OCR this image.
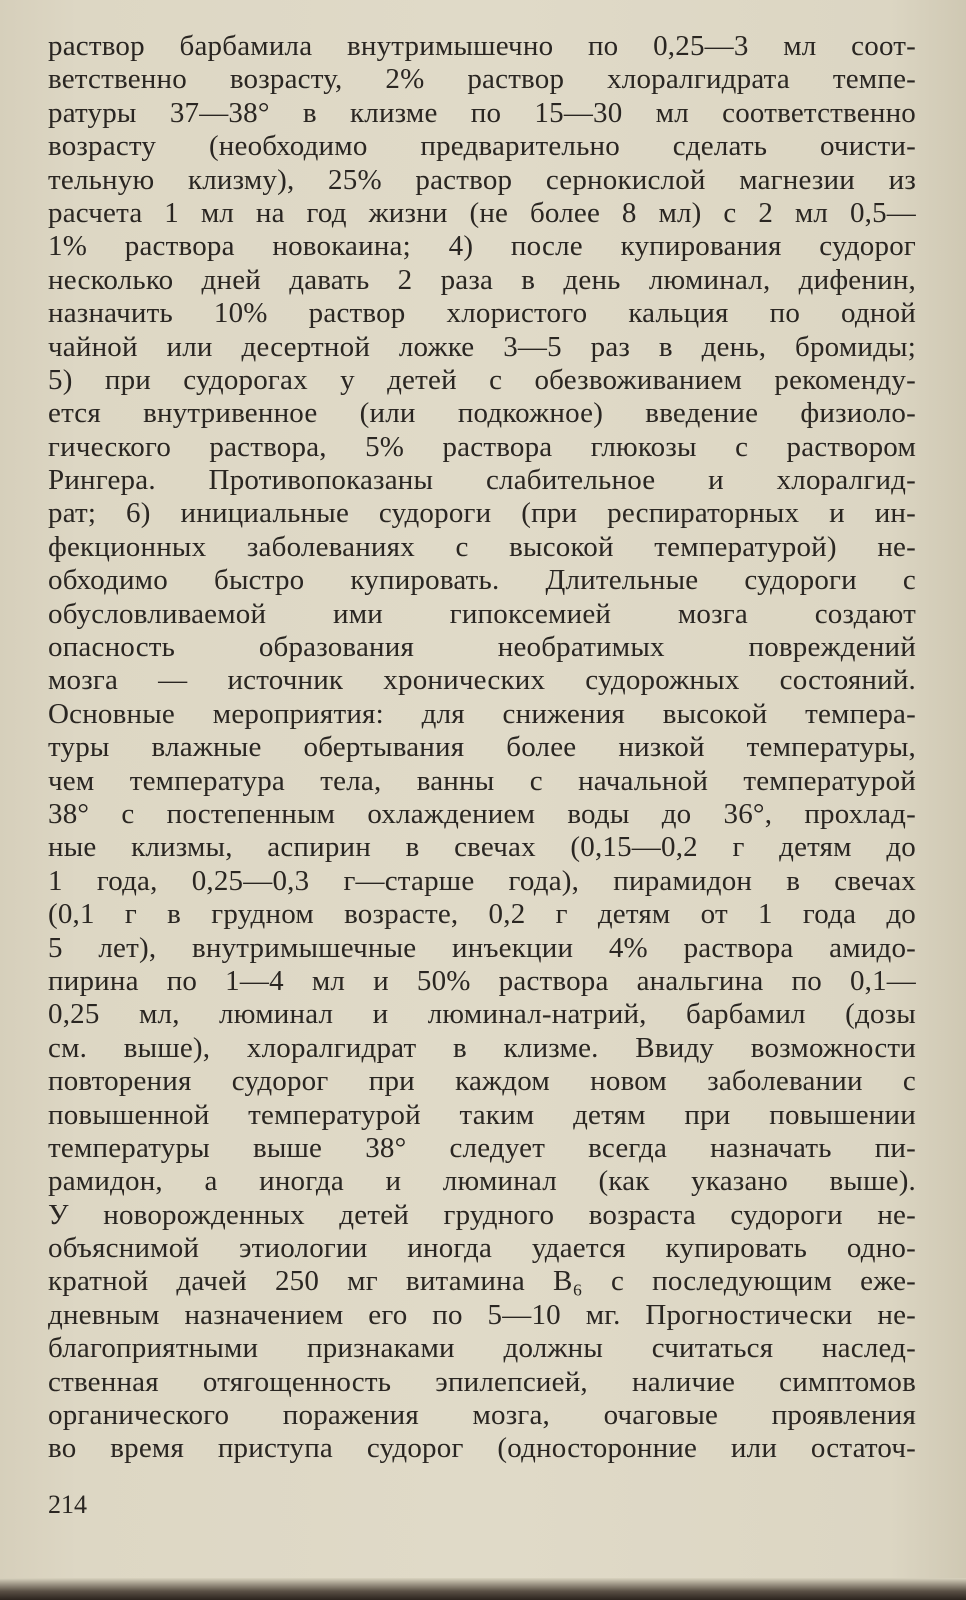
раствор барбамила внутримышечно по 0,25—3 мл соот-
ветственно возрасту, 2% раствор хлоралгидрата темпе-
ратуры 37—38° в клизме по 15—30 мл соответственно
возрасту (необходимо предварительно сделать очисти-
тельную клизму), 25% раствор сернокислой магнезии из
расчета 1 мл на год жизни (не более 8 мл) с 2 мл 0,5—
1% раствора новокаина; 4) после купирования судорог
несколько дней давать 2 раза в день люминал, дифенин,
назначить 10% раствор хлористого кальция по одной
чайной или десертной ложке 3—5 раз в день, бромиды;
5) при судорогах у детей с обезвоживанием рекоменду-
ется внутривенное (или подкожное) введение физиоло-
гического раствора, 5% раствора глюкозы с раствором
Рингера. Противопоказаны слабительное и хлоралгид-
рат; 6) инициальные судороги (при респираторных и ин-
фекционных заболеваниях с высокой температурой) не-
обходимо быстро купировать. Длительные судороги с
обусловливаемой ими гипоксемией мозга создают
опасность образования необратимых повреждений
мозга — источник хронических судорожных состояний.
Основные мероприятия: для снижения высокой темпера-
туры влажные обертывания более низкой температуры,
чем температура тела, ванны с начальной температурой
38° с постепенным охлаждением воды до 36°, прохлад-
ные клизмы, аспирин в свечах (0,15—0,2 г детям до
1 года, 0,25—0,3 г—старше года), пирамидон в свечах
(0,1 г в грудном возрасте, 0,2 г детям от 1 года до
5 лет), внутримышечные инъекции 4% раствора амидо-
пирина по 1—4 мл и 50% раствора анальгина по 0,1—
0,25 мл, люминал и люминал-натрий, барбамил (дозы
см. выше), хлоралгидрат в клизме. Ввиду возможности
повторения судорог при каждом новом заболевании с
повышенной температурой таким детям при повышении
температуры выше 38° следует всегда назначать пи-
рамидон, а иногда и люминал (как указано выше).
У новорожденных детей грудного возраста судороги не-
объяснимой этиологии иногда удается купировать одно-
кратной дачей 250 мг витамина B₆ с последующим еже-
дневным назначением его по 5—10 мг. Прогностически не-
благоприятными признаками должны считаться наслед-
ственная отягощенность эпилепсией, наличие симптомов
органического поражения мозга, очаговые проявления
во время приступа судорог (односторонние или остаточ-
214
